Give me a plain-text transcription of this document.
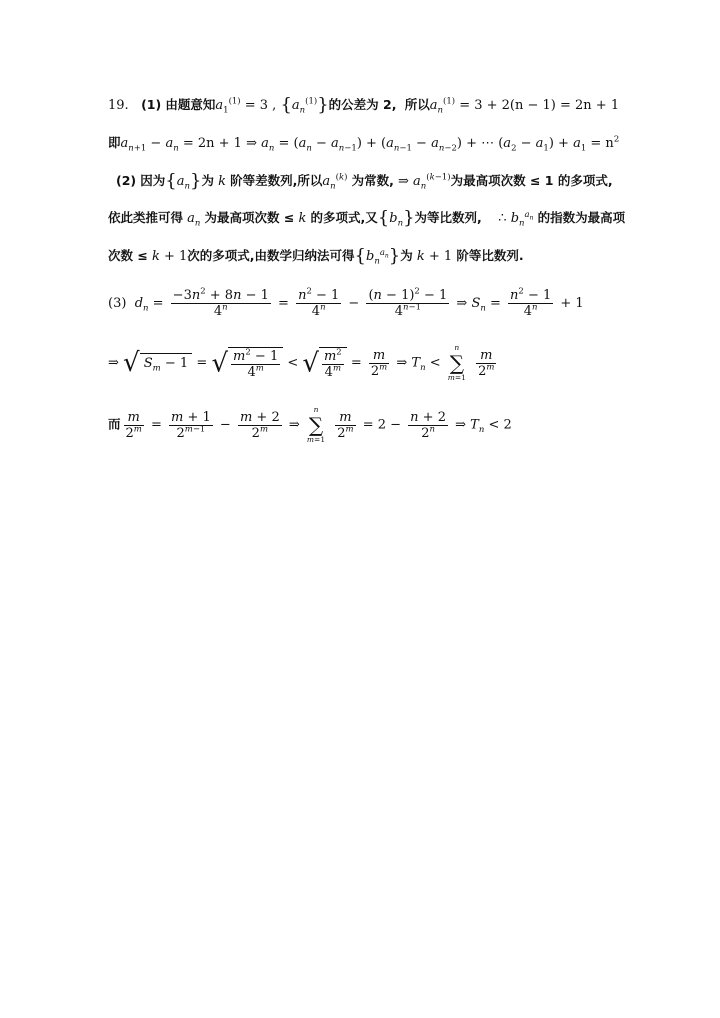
19. (1) 由题意知$a_1^{(1)} = 3$ , $\{a_n^{(1)}\}$的公差为 2, 所以$a_n^{(1)} = 3 + 2(n - 1) = 2n + 1$
即$a_{n+1} - a_n = 2n + 1$ ⇒ $a_n = (a_n - a_{n-1}) + (a_{n-1} - a_{n-2})$ + ⋯ $(a_2 - a_1) + a_1 = n^2$
(2) 因为$\{a_n\}$为 k 阶等差数列,所以$a_n^{(k)}$ 为常数, ⇒ $a_n^{(k-1)}$为最高项次数 ≤ 1 的多项式,
依此类推可得 $a_n$ 为最高项次数 ≤ k 的多项式,又$\{b_n\}$为等比数列,    ∴ $b_n^{a_n}$ 的指数为最高项
次数 ≤ k + 1次的多项式,由数学归纳法可得$\{b_n^{a_n}\}$为 k + 1 阶等比数列.
(3) $d_n = \frac{-3n^2 + 8n - 1}{4^n} = \frac{n^2 - 1}{4^n} - \frac{(n - 1)^2 - 1}{4^{n-1}}$ ⇒ $S_n = \frac{n^2 - 1}{4^n} + 1$
⇒ √ $S_m - 1$  = √ $\frac{m^2 - 1}{4^m}$ < √ $\frac{m^2}{4^m} = \frac{m}{2^m}$ ⇒ $T_n$ <
n
∑
m=1
$\frac{m}{2^m}$
而 $\frac{m}{2^m} = \frac{m + 1}{2^{m-1}} - \frac{m + 2}{2^m}$ ⇒
n
∑
m=1
$\frac{m}{2^m} = 2 - \frac{n + 2}{2^n}$ ⇒ $T_n < 2$
